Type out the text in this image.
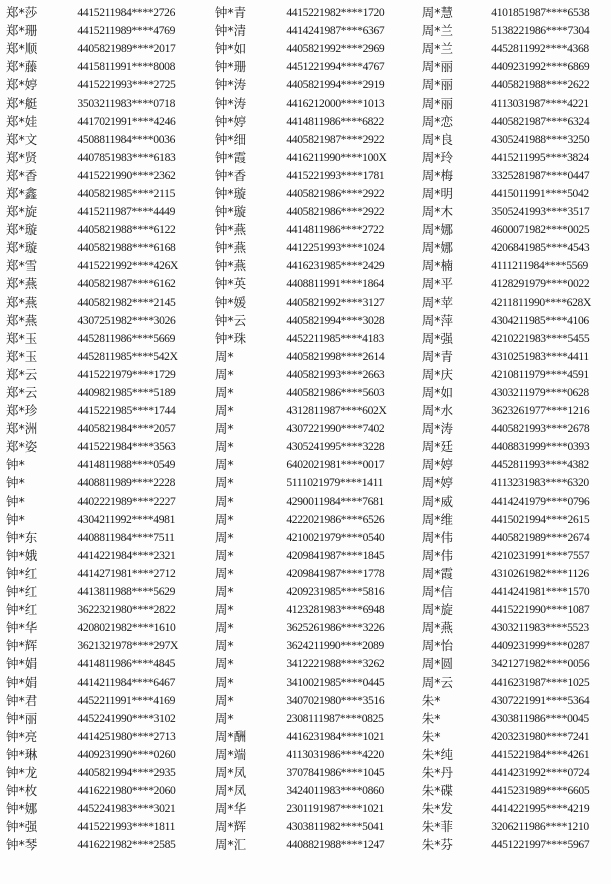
郑*莎	4415211984****2726	钟*青	4415221982****1720	周*慧	4101851987****6538
郑*珊	4415211989****4769	钟*清	4414241987****6367	周*兰	5138221986****7304
郑*顺	4405821989****2017	钟*如	4405821992****2969	周*兰	4452811992****4368
郑*藤	4415811991****8008	钟*珊	4451221994****4767	周*丽	4409231992****6869
郑*婷	4415221993****2725	钟*涛	4405821994****2919	周*丽	4405821988****2622
郑*艇	3503211983****0718	钟*涛	4416212000****1013	周*丽	4113031987****4221
郑*娃	4417021991****4246	钟*婷	4414811986****6822	周*恋	4405821987****6324
郑*文	4508811984****0036	钟*细	4405821987****2922	周*良	4305241988****3250
郑*贤	4407851983****6183	钟*霞	4416211990****100X	周*玲	4415211995****3824
郑*香	4415221990****2362	钟*香	4415221993****1781	周*梅	3325281987****0447
郑*鑫	4405821985****2115	钟*璇	4405821986****2922	周*明	4415011991****5042
郑*旋	4415211987****4449	钟*璇	4405821986****2922	周*木	3505241993****3517
郑*璇	4405821988****6122	钟*燕	4414811986****2722	周*娜	4600071982****0025
郑*璇	4405821988****6168	钟*燕	4412251993****1024	周*娜	4206841985****4543
郑*雪	4415221992****426X	钟*燕	4416231985****2429	周*楠	4111211984****5569
郑*燕	4405821987****6162	钟*英	4408811991****1864	周*平	4128291979****0022
郑*燕	4405821982****2145	钟*媛	4405821992****3127	周*苹	4211811990****628X
郑*燕	4307251982****3026	钟*云	4405821994****3028	周*萍	4304211985****4106
郑*玉	4452811986****5669	钟*珠	4452211985****4183	周*强	4210221983****5455
郑*玉	4452811985****542X	周*	4405821998****2614	周*青	4310251983****4411
郑*云	4415221979****1729	周*	4405821993****2663	周*庆	4210811979****4591
郑*云	4409821985****5189	周*	4405821986****5603	周*如	4303211979****0628
郑*珍	4415221985****1744	周*	4312811987****602X	周*水	3623261977****1216
郑*洲	4405821984****2057	周*	4307221990****7402	周*涛	4405821993****2678
郑*姿	4415221984****3563	周*	4305241995****3228	周*廷	4408831999****0393
钟*	4414811988****0549	周*	6402021981****0017	周*婷	4452811993****4382
钟*	4408811989****2228	周*	5111021979****1411	周*婷	4113231983****6320
钟*	4402221989****2227	周*	4290011984****7681	周*威	4414241979****0796
钟*	4304211992****4981	周*	4222021986****6526	周*维	4415021994****2615
钟*东	4408811984****7511	周*	4210021979****0540	周*伟	4405821989****2674
钟*娥	4414221984****2321	周*	4209841987****1845	周*伟	4210231991****7557
钟*红	4414271981****2712	周*	4209841987****1778	周*霞	4310261982****1126
钟*红	4413811988****5629	周*	4209231985****5816	周*信	4414241981****1570
钟*红	3622321980****2822	周*	4123281983****6948	周*旋	4415221990****1087
钟*华	4208021982****1610	周*	3625261986****3226	周*燕	4303211983****5523
钟*辉	3621321978****297X	周*	3624211990****2089	周*怡	4409231999****0287
钟*娟	4414811986****4845	周*	3412221988****3262	周*圆	3421271982****0056
钟*娟	4414211984****6467	周*	3410021985****0445	周*云	4416231987****1025
钟*君	4452211991****4169	周*	3407021980****3516	朱*	4307221991****5364
钟*丽	4452241990****3102	周*	2308111987****0825	朱*	4303811986****0045
钟*亮	4414251980****2713	周*酬	4416231984****1021	朱*	4203231980****7241
钟*琳	4409231990****0260	周*端	4113031986****4220	朱*纯	4415221984****4261
钟*龙	4405821994****2935	周*凤	3707841986****1045	朱*丹	4414231992****0724
钟*枚	4416221980****2060	周*凤	3424011983****0860	朱*碟	4415231989****6605
钟*娜	4452241983****3021	周*华	2301191987****1021	朱*发	4414221995****4219
钟*强	4415221993****1811	周*辉	4303811982****5041	朱*菲	3206211986****1210
钟*琴	4416221982****2585	周*汇	4408821988****1247	朱*芬	4451221997****5967
